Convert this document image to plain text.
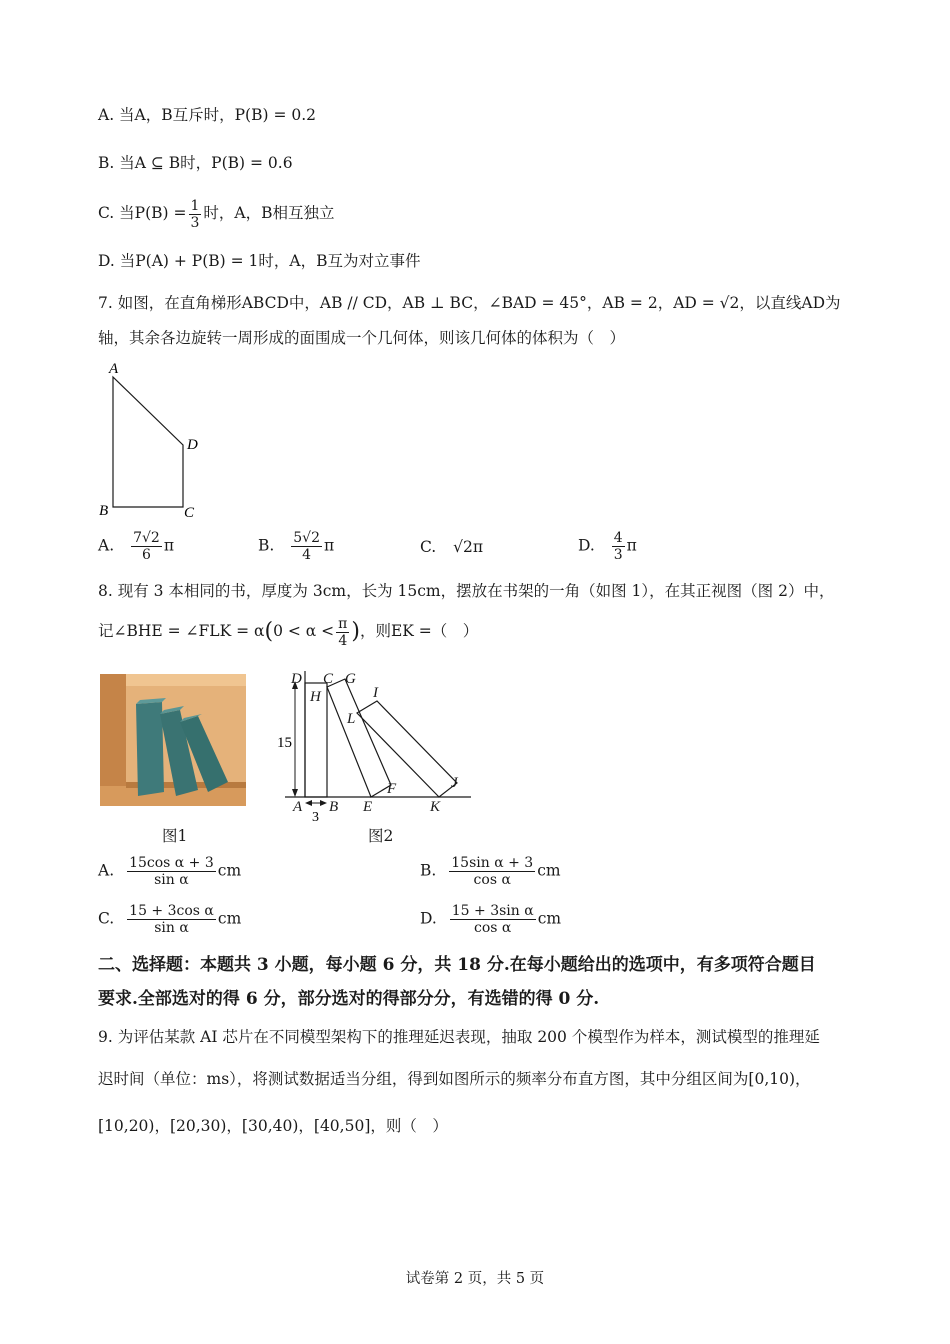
A. 当A，B互斥时，P(B) = 0.2
B. 当A ⊆ B时，P(B) = 0.6
C. 当$P(B) = \frac{1}{3}$ 时，A，B相互独立
D. 当P(A) + P(B) = 1时，A，B互为对立事件
7. 如图，在直角梯形ABCD中，AB // CD，AB ⊥ BC，∠BAD = 45°，AB = 2，AD = √2，以直线AD为
轴，其余各边旋转一周形成的面围成一个几何体，则该几何体的体积为（　）
A
D
B	C
A. $\frac{7√2}{6}$ π	B. $\frac{5√2}{4}$ π	C. √2π	D. $\frac{4}{3}$ π
8. 现有 3 本相同的书，厚度为 3cm，长为 15cm，摆放在书架的一角（如图 1），在其正视图（图 2）中，
记∠BHE = ∠FLK = $\alpha(0 < \alpha < \frac{\pi}{4}$ )，则EK =（　）
图1
D C G
I
H
L
J
F
A B E	K
15
3
图2
A. $\frac{\text{15cos α + 3}}{\text{sin α}}$ cm	B. $\frac{\text{15sin α + 3}}{\text{cos α}}$ cm
C. $\frac{\text{15 + 3cos α}}{\text{sin α}}$ cm	D. $\frac{\text{15 + 3sin α}}{\text{cos α}}$ cm
二、选择题：本题共 3 小题，每小题 6 分，共 18 分.在每小题给出的选项中，有多项符合题目
要求.全部选对的得 6 分，部分选对的得部分分，有选错的得 0 分.
9. 为评估某款 AI 芯片在不同模型架构下的推理延迟表现，抽取 200 个模型作为样本，测试模型的推理延
迟时间（单位：ms），将测试数据适当分组，得到如图所示的频率分布直方图，其中分组区间为[0,10)，
[10,20)，[20,30)，[30,40)，[40,50]，则（　）
试卷第 2 页，共 5 页
